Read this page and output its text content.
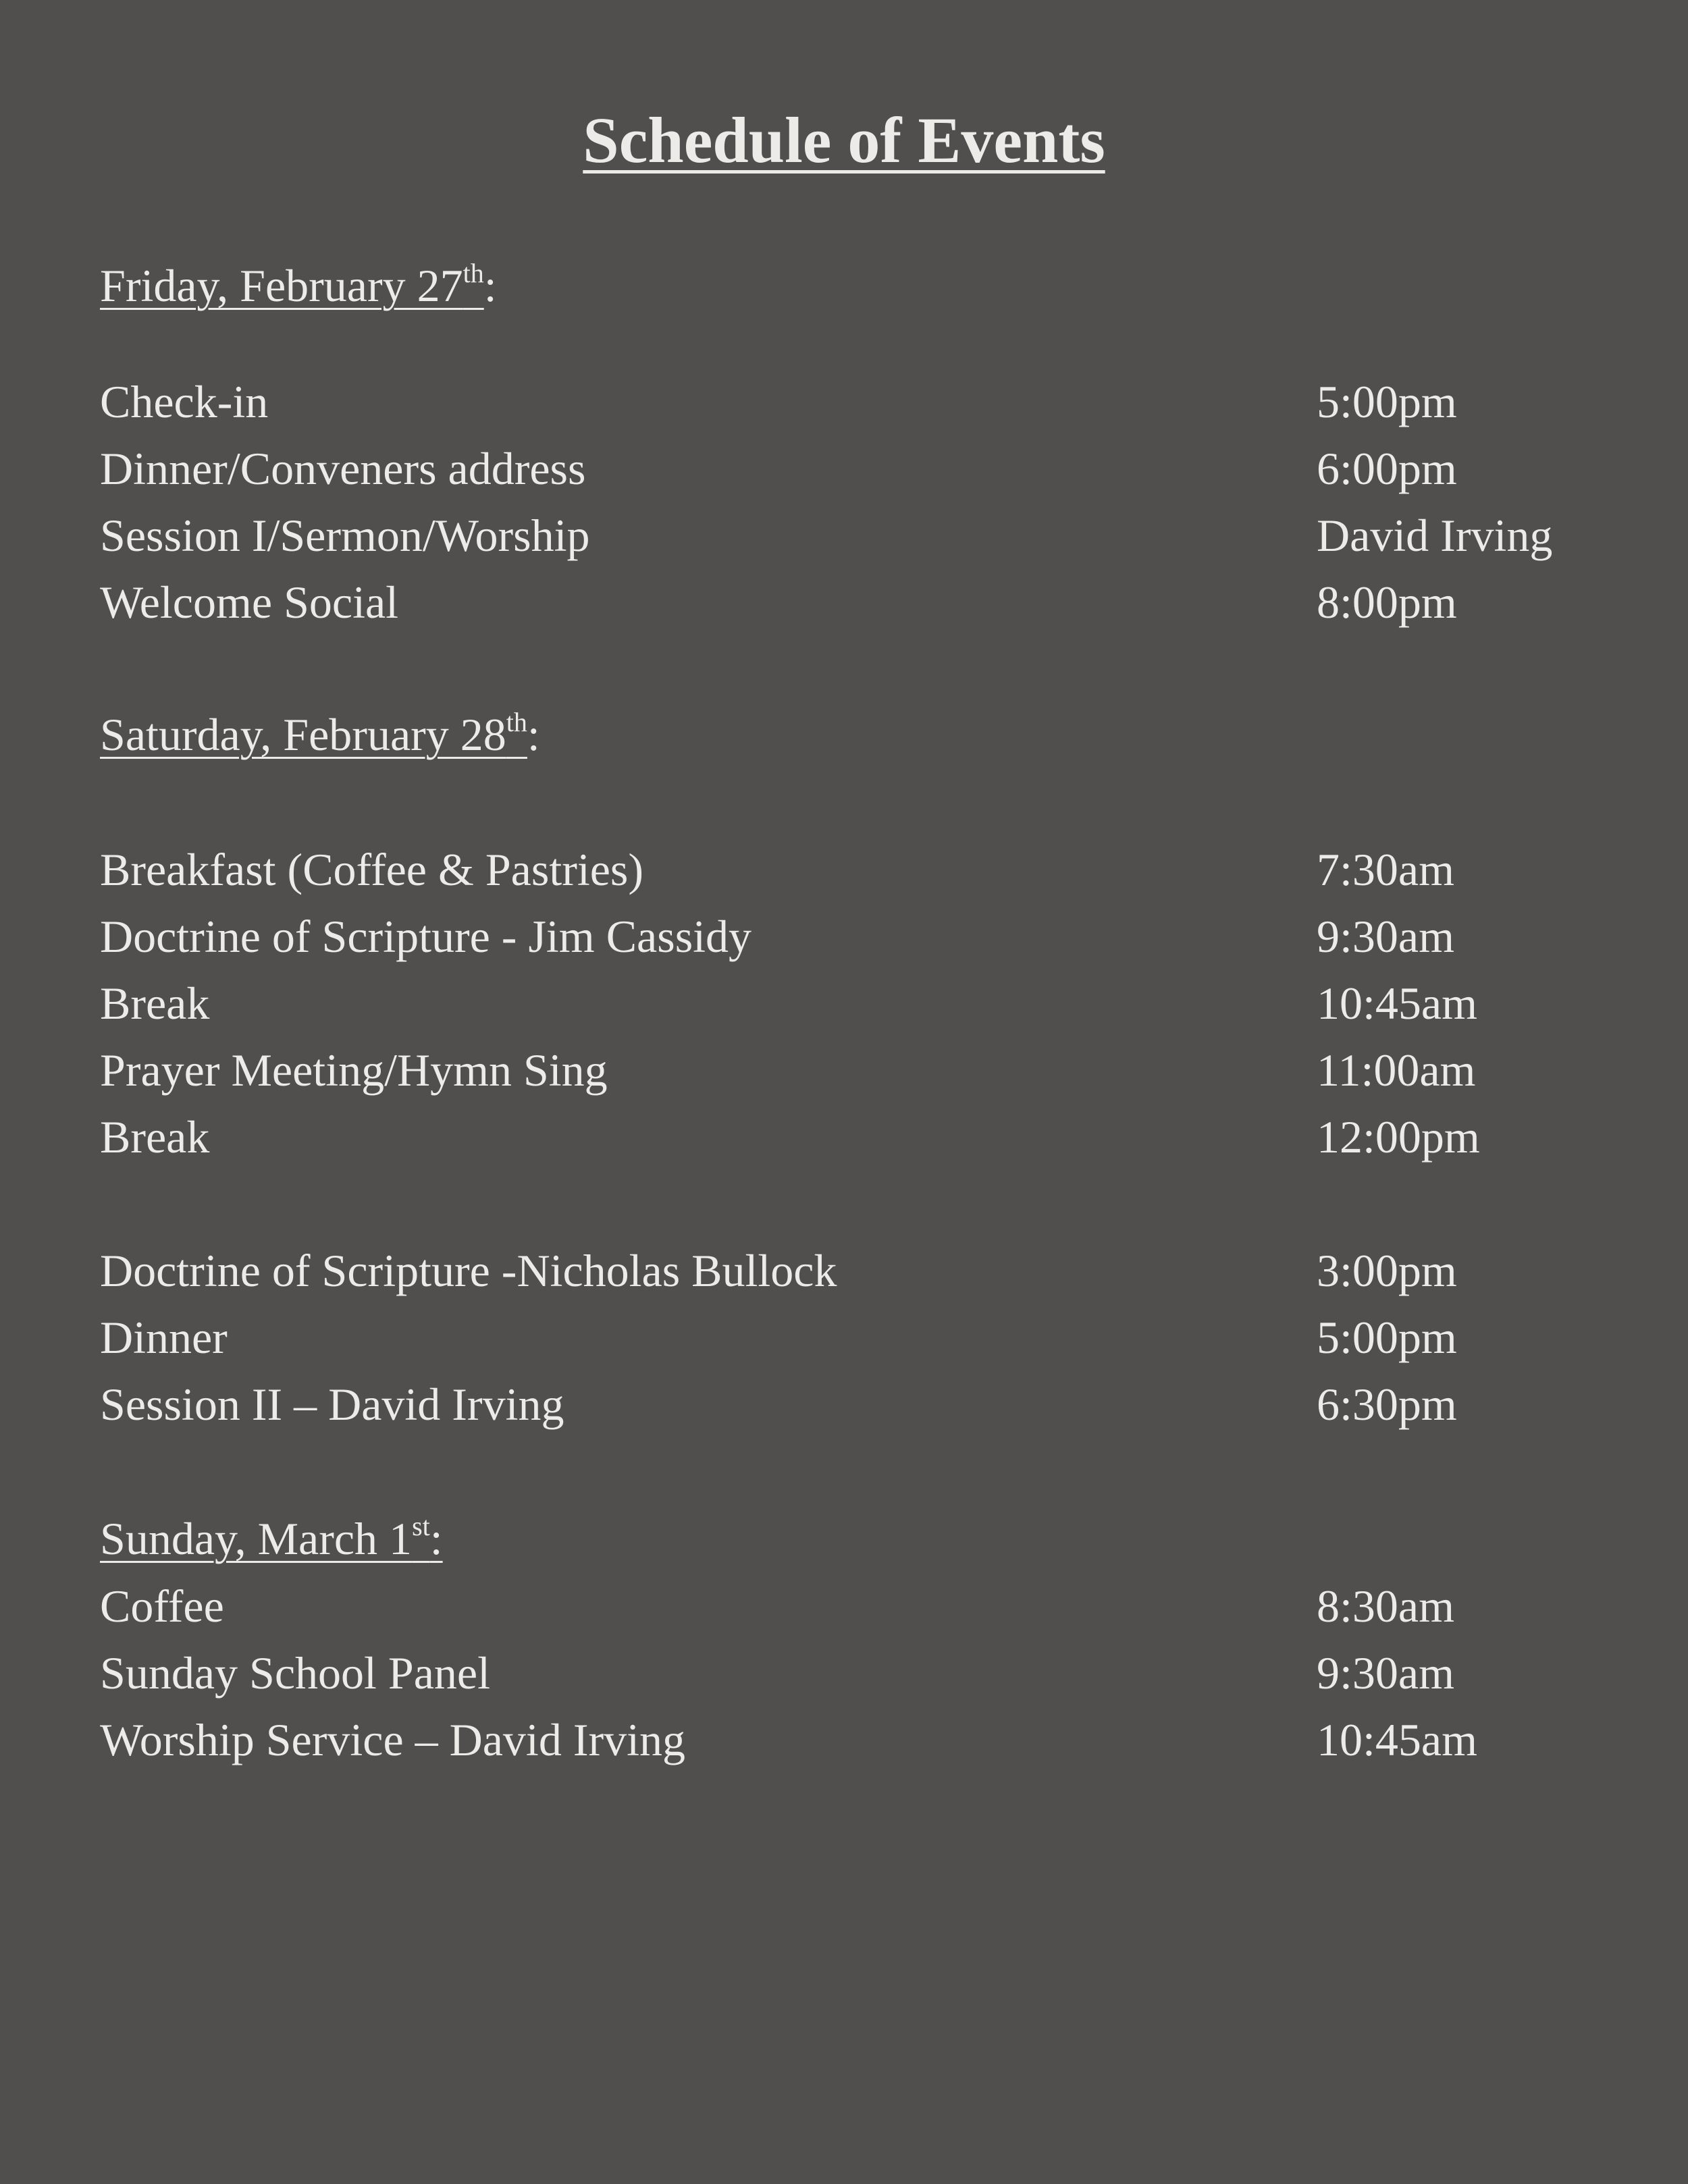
Schedule of Events
Friday, February 27th:
Check-in	5:00pm
Dinner/Conveners address	6:00pm
Session I/Sermon/Worship	David Irving
Welcome Social	8:00pm
Saturday, February 28th:
Breakfast (Coffee & Pastries)	7:30am
Doctrine of Scripture - Jim Cassidy	9:30am
Break	10:45am
Prayer Meeting/Hymn Sing	11:00am
Break	12:00pm
Doctrine of Scripture -Nicholas Bullock	3:00pm
Dinner	5:00pm
Session II – David Irving	6:30pm
Sunday, March 1st:
Coffee	8:30am
Sunday School Panel	9:30am
Worship Service – David Irving	10:45am
